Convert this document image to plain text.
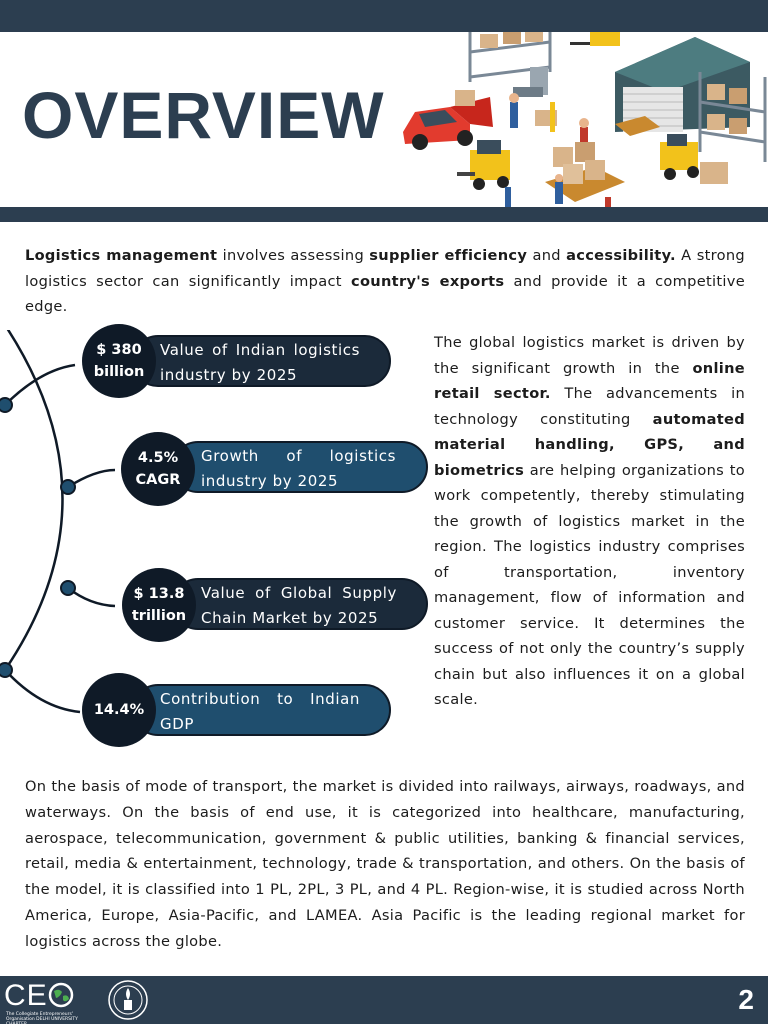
OVERVIEW
Logistics management involves assessing supplier efficiency and accessibility. A strong logistics sector can significantly impact country's exports and provide it a competitive edge.
Value of Indian logistics industry by 2025
$ 380 billion
Growth of logistics industry by 2025
4.5% CAGR
Value of Global Supply Chain Market by 2025
$ 13.8 trillion
Contribution to Indian GDP
14.4%
The global logistics market is driven by the significant growth in the online retail sector. The advancements in technology constituting automated material handling, GPS, and biometrics are helping organizations to work competently, thereby stimulating the growth of logistics market in the region. The logistics industry comprises of transportation, inventory management, flow of information and customer service. It determines the success of not only the country’s supply chain but also influences it on a global scale.
On the basis of mode of transport, the market is divided into railways, airways, roadways, and waterways. On the basis of end use, it is categorized into healthcare, manufacturing, aerospace, telecommunication, government & public utilities, banking & financial services, retail, media & entertainment, technology, trade & transportation, and others. On the basis of the model, it is classified into 1 PL, 2PL, 3 PL, and 4 PL. Region-wise, it is studied across North America, Europe, Asia-Pacific, and LAMEA. Asia Pacific is the leading regional market for logistics across the globe.
CE
The Collegiate Entrepreneurs' Organisation DELHI UNIVERSITY CHAPTER
2
